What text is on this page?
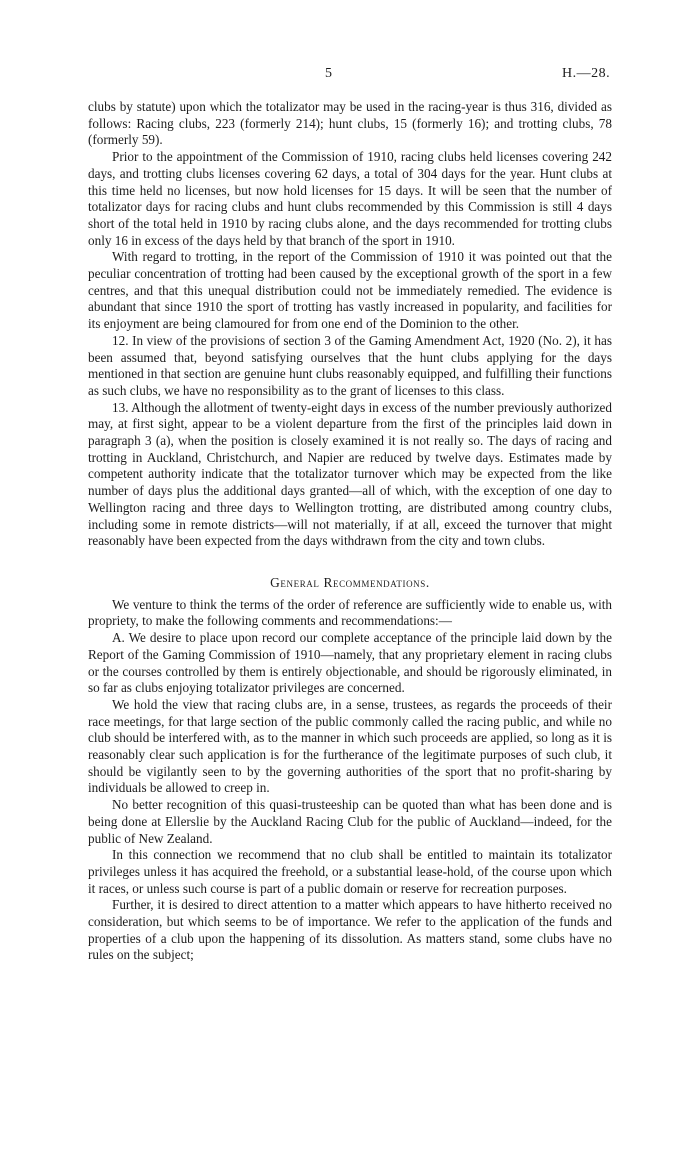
5	H.—28.

clubs by statute) upon which the totalizator may be used in the racing-year is thus 316, divided as follows: Racing clubs, 223 (formerly 214); hunt clubs, 15 (formerly 16); and trotting clubs, 78 (formerly 59).

Prior to the appointment of the Commission of 1910, racing clubs held licenses covering 242 days, and trotting clubs licenses covering 62 days, a total of 304 days for the year. Hunt clubs at this time held no licenses, but now hold licenses for 15 days. It will be seen that the number of totalizator days for racing clubs and hunt clubs recommended by this Commission is still 4 days short of the total held in 1910 by racing clubs alone, and the days recommended for trotting clubs only 16 in excess of the days held by that branch of the sport in 1910.

With regard to trotting, in the report of the Commission of 1910 it was pointed out that the peculiar concentration of trotting had been caused by the exceptional growth of the sport in a few centres, and that this unequal distribution could not be immediately remedied. The evidence is abundant that since 1910 the sport of trotting has vastly increased in popularity, and facilities for its enjoyment are being clamoured for from one end of the Dominion to the other.

12. In view of the provisions of section 3 of the Gaming Amendment Act, 1920 (No. 2), it has been assumed that, beyond satisfying ourselves that the hunt clubs applying for the days mentioned in that section are genuine hunt clubs reasonably equipped, and fulfilling their functions as such clubs, we have no responsibility as to the grant of licenses to this class.

13. Although the allotment of twenty-eight days in excess of the number previously authorized may, at first sight, appear to be a violent departure from the first of the principles laid down in paragraph 3 (a), when the position is closely examined it is not really so. The days of racing and trotting in Auckland, Christchurch, and Napier are reduced by twelve days. Estimates made by competent authority indicate that the totalizator turnover which may be expected from the like number of days plus the additional days granted—all of which, with the exception of one day to Wellington racing and three days to Wellington trotting, are distributed among country clubs, including some in remote districts—will not materially, if at all, exceed the turnover that might reasonably have been expected from the days withdrawn from the city and town clubs.

General Recommendations.

We venture to think the terms of the order of reference are sufficiently wide to enable us, with propriety, to make the following comments and recommendations:—

A. We desire to place upon record our complete acceptance of the principle laid down by the Report of the Gaming Commission of 1910—namely, that any proprietary element in racing clubs or the courses controlled by them is entirely objectionable, and should be rigorously eliminated, in so far as clubs enjoying totalizator privileges are concerned.

We hold the view that racing clubs are, in a sense, trustees, as regards the proceeds of their race meetings, for that large section of the public commonly called the racing public, and while no club should be interfered with, as to the manner in which such proceeds are applied, so long as it is reasonably clear such application is for the furtherance of the legitimate purposes of such club, it should be vigilantly seen to by the governing authorities of the sport that no profit-sharing by individuals be allowed to creep in.

No better recognition of this quasi-trusteeship can be quoted than what has been done and is being done at Ellerslie by the Auckland Racing Club for the public of Auckland—indeed, for the public of New Zealand.

In this connection we recommend that no club shall be entitled to maintain its totalizator privileges unless it has acquired the freehold, or a substantial lease-hold, of the course upon which it races, or unless such course is part of a public domain or reserve for recreation purposes.

Further, it is desired to direct attention to a matter which appears to have hitherto received no consideration, but which seems to be of importance. We refer to the application of the funds and properties of a club upon the happening of its dissolution. As matters stand, some clubs have no rules on the subject;
